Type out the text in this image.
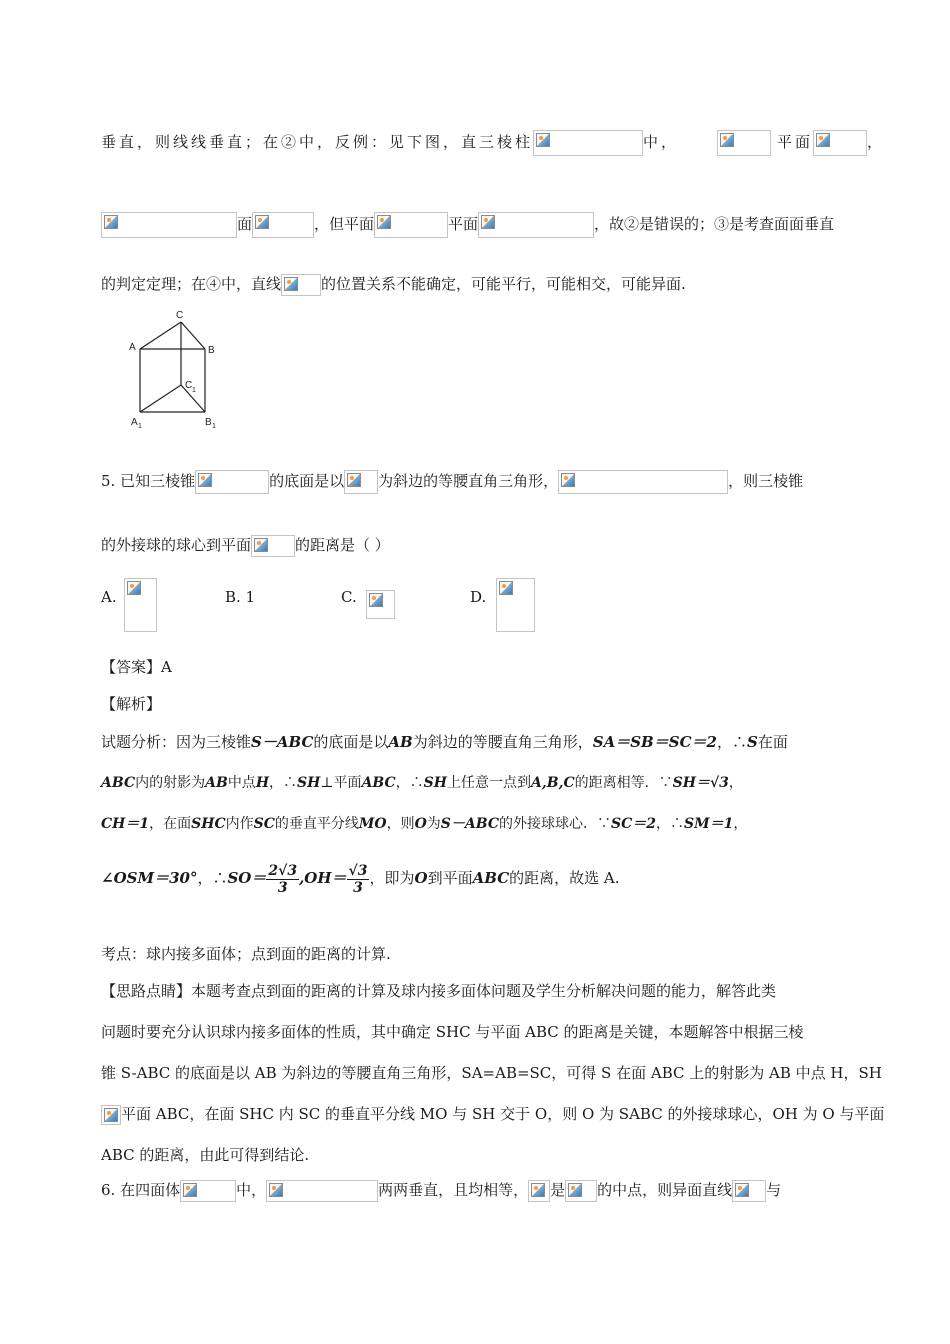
垂直，则线线垂直；在②中，反例：见下图，直三棱柱	中，	平面	，
面	，但平面	平面	，故②是错误的；③是考查面面垂直
的判定定理；在④中，直线	的位置关系不能确定，可能平行，可能相交，可能异面.
C
A	B
C 1
A 1	B 1
5. 已知三棱锥	的底面是以 为斜边的等腰直角三角形，	，则三棱锥
的外接球的球心到平面	的距离是（ ）
A.	B. 1	C.	D.
【答案】A
【解析】
试题分析：因为三棱锥S－ABC的底面是以AB为斜边的等腰直角三角形，SA＝SB＝SC＝2，∴S在面
ABC内的射影为AB中点H，∴SH⊥平面ABC，∴SH上任意一点到A,B,C的距离相等．∵SH＝√3，
CH＝1，在面SHC内作SC的垂直平分线MO，则O为S－ABC的外接球球心．∵SC＝2，∴SM＝1，
∠OSM＝30°，∴SO＝ $\frac{2√3}{3} ,OH= \frac{√3}{3}$ ，即为O到平面ABC的距离，故选 A.
考点：球内接多面体；点到面的距离的计算.
【思路点睛】本题考查点到面的距离的计算及球内接多面体问题及学生分析解决问题的能力，解答此类
问题时要充分认识球内接多面体的性质，其中确定 SHC 与平面 ABC 的距离是关键，本题解答中根据三棱
锥 S-ABC 的底面是以 AB 为斜边的等腰直角三角形，SA=AB=SC，可得 S 在面 ABC 上的射影为 AB 中点 H，SH
平面 ABC，在面 SHC 内 SC 的垂直平分线 MO 与 SH 交于 O，则 O 为 SABC 的外接球球心，OH 为 O 与平面
ABC 的距离，由此可得到结论.
6. 在四面体	中，	两两垂直，且均相等， 是 的中点，则异面直线 与
